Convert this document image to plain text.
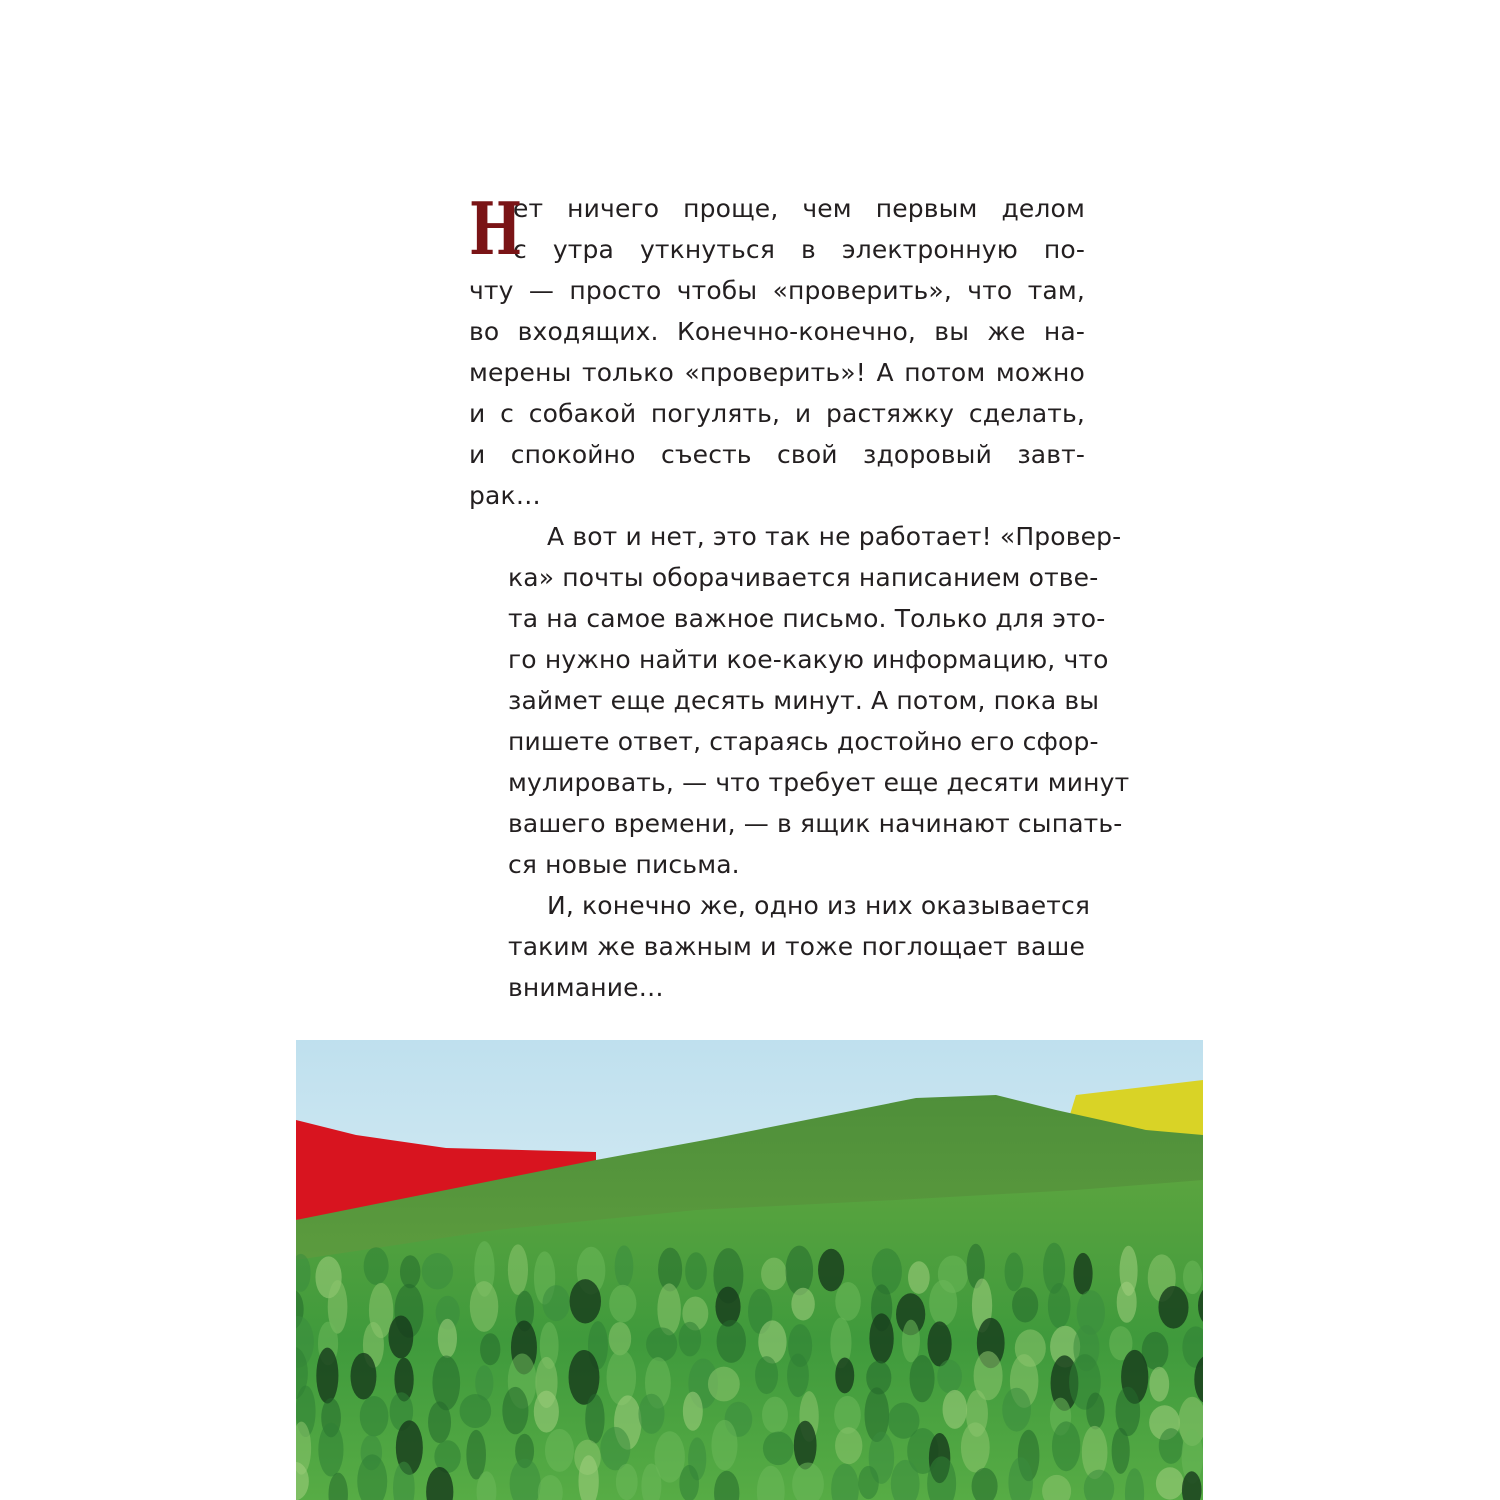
Н
ет ничего проще, чем первым делом
с утра уткнуться в электронную по-
чту — просто чтобы «проверить», что там,
во входящих. Конечно-конечно, вы же на-
мерены только «проверить»! А потом можно
и с собакой погулять, и растяжку сделать,
и спокойно съесть свой здоровый завт-
рак…
А вот и нет, это так не работает! «Провер-
ка» почты оборачивается написанием отве-
та на самое важное письмо. Только для это-
го нужно найти кое-какую информацию, что
займет еще десять минут. А потом, пока вы
пишете ответ, стараясь достойно его сфор-
мулировать, — что требует еще десяти минут
вашего времени, — в ящик начинают сыпать-
ся новые письма.
И, конечно же, одно из них оказывается
таким же важным и тоже поглощает ваше
внимание…
